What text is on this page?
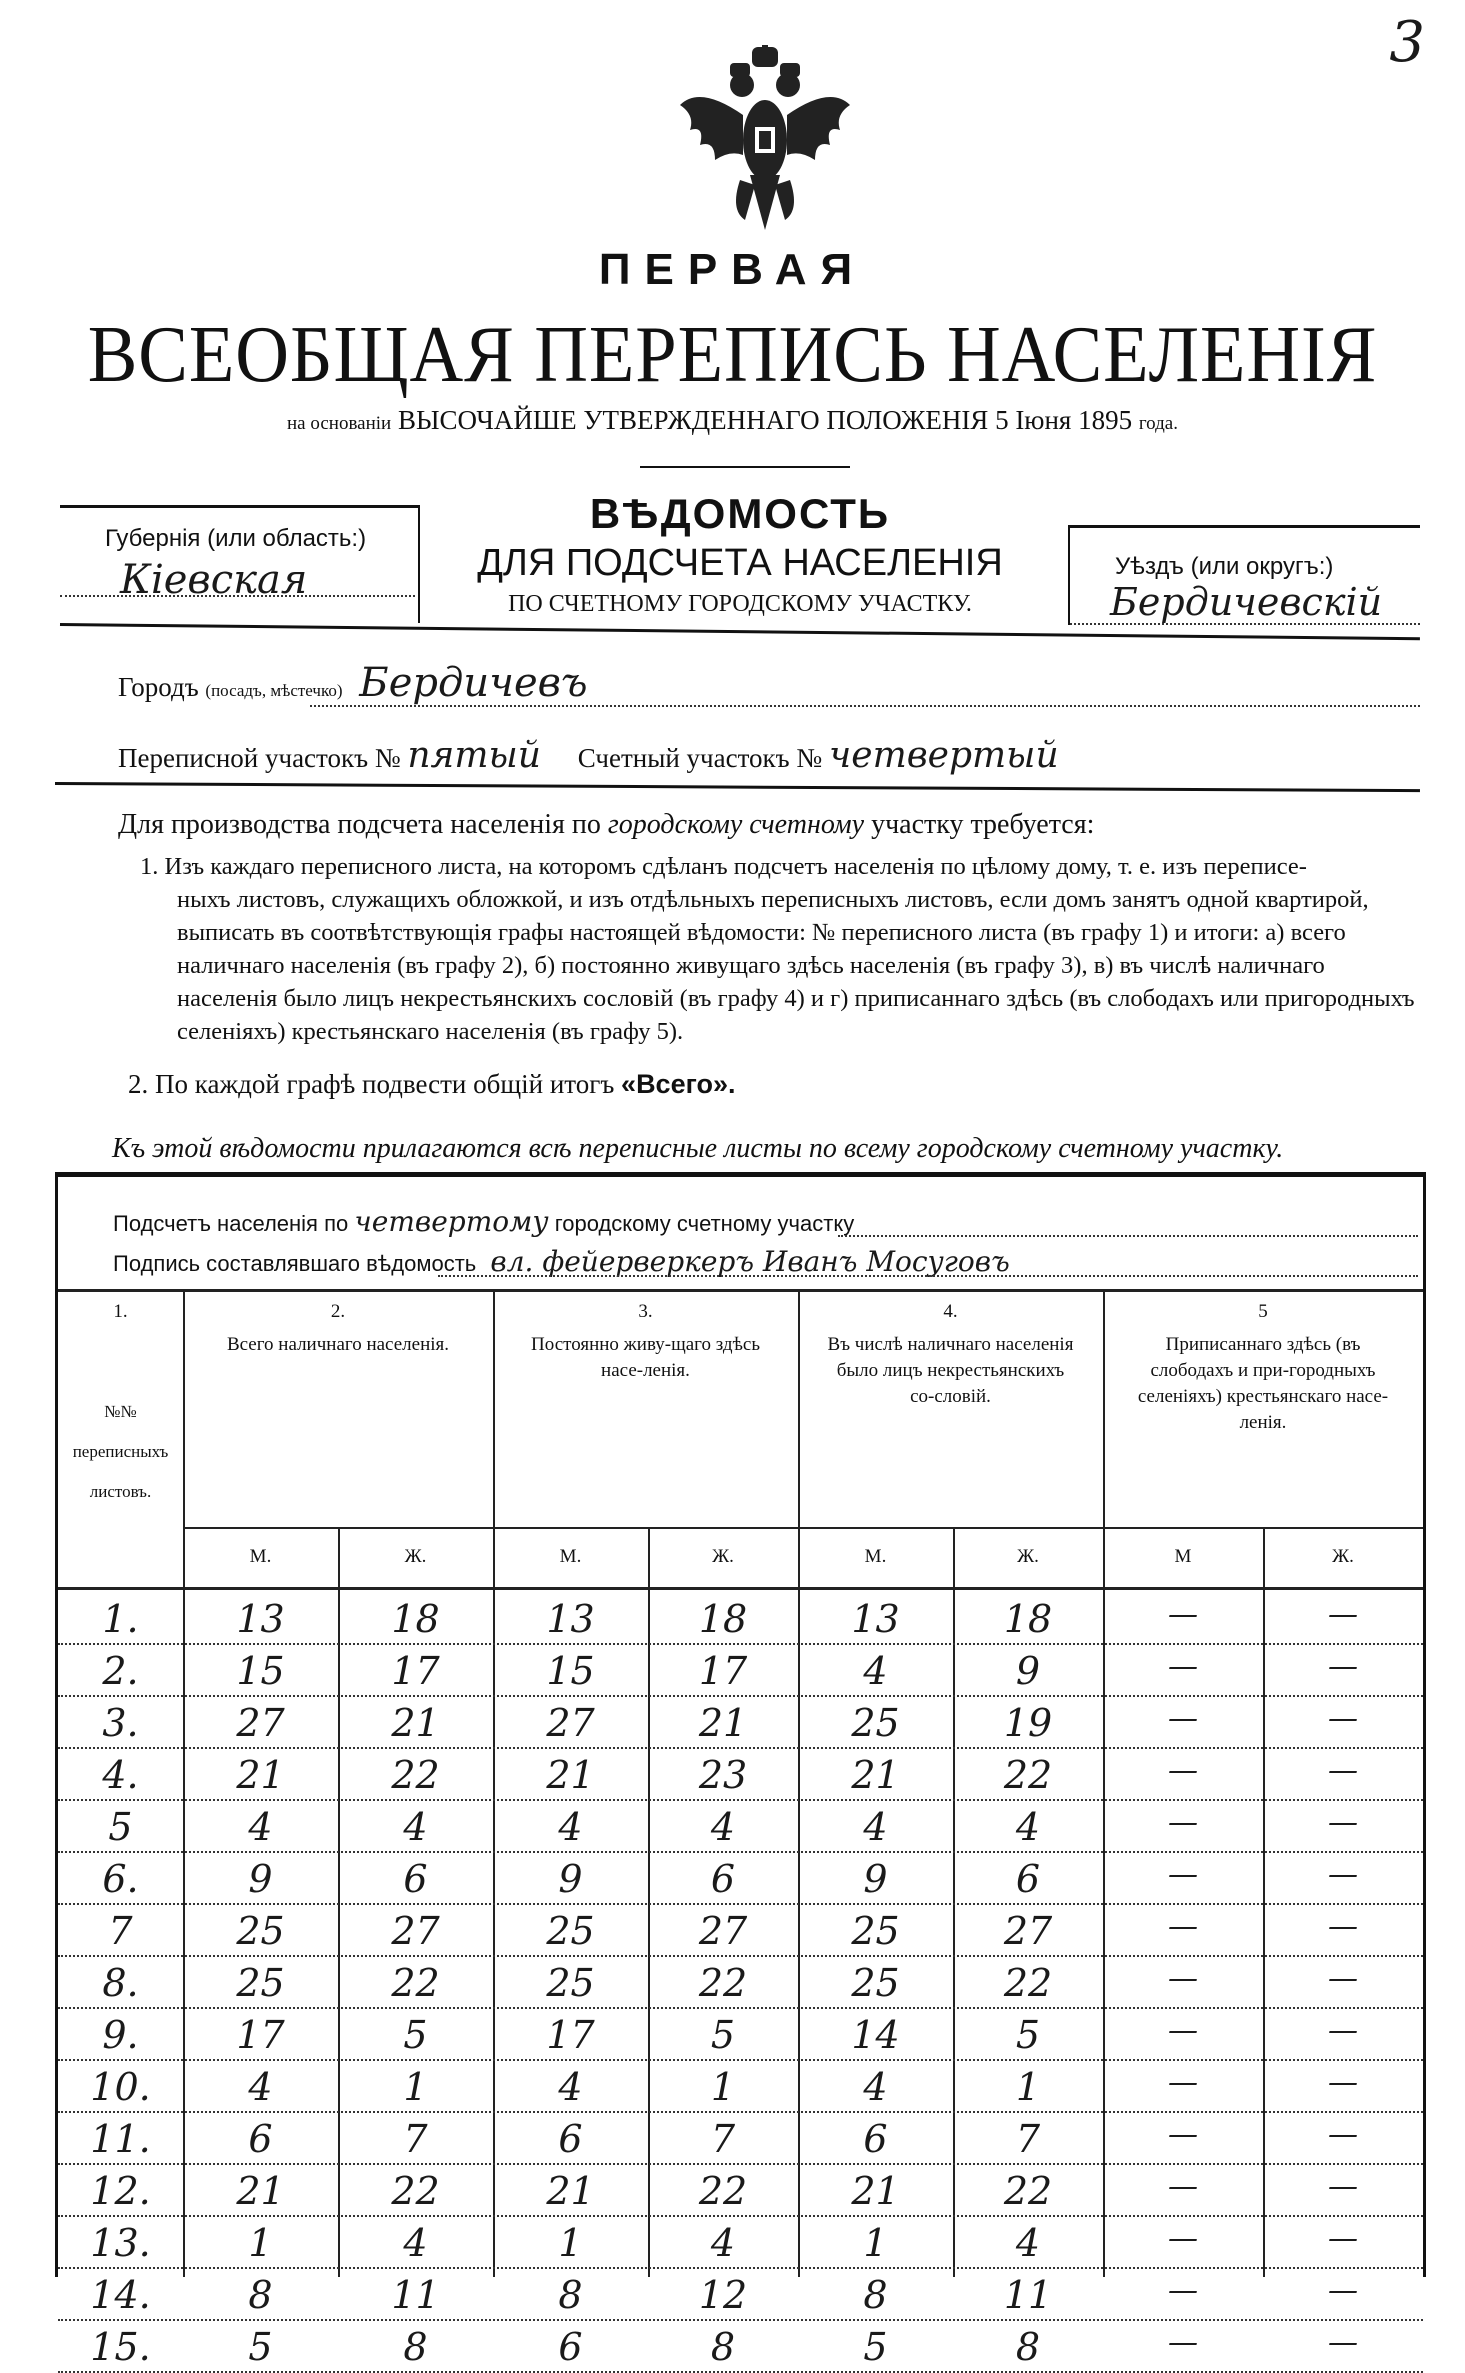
3
ПЕРВАЯ
ВСЕОБЩАЯ ПЕРЕПИСЬ НАСЕЛЕНІЯ
на основанiи ВЫСОЧАЙШЕ УТВЕРЖДЕННАГО ПОЛОЖЕНIЯ 5 Iюня 1895 года.
Губернія (или область:)
Кіевская
ВѢДОМОСТЬ
ДЛЯ ПОДСЧЕТА НАСЕЛЕНІЯ
ПО СЧЕТНОМУ ГОРОДСКОМУ УЧАСТКУ.
Уѣздъ (или округъ:)
Бердичевскій
Городъ (посадъ, мѣстечко) Бердичевъ
Переписной участокъ № пятый Счетный участокъ № четвертый
Для производства подсчета населенія по городскому счетному участку требуется:
1. Изъ каждаго переписного листа, на которомъ сдѣланъ подсчетъ населенія по цѣлому дому, т. е. изъ переписе-
ныхъ листовъ, служащихъ обложкой, и изъ отдѣльныхъ переписныхъ листовъ, если домъ занятъ одной квартирой,
выписать въ соотвѣтствующія графы настоящей вѣдомости: № переписного листа (въ графу 1) и итоги: а) всего
наличнаго населенія (въ графу 2), б) постоянно живущаго здѣсь населенія (въ графу 3), в) въ числѣ наличнаго
населенія было лицъ некрестьянскихъ сословій (въ графу 4) и г) приписаннаго здѣсь (въ слободахъ или пригородныхъ
селеніяхъ) крестьянскаго населенія (въ графу 5).
2. По каждой графѣ подвести общій итогъ «Всего».
Къ этой вѣдомости прилагаются всѣ переписные листы по всему городскому счетному участку.
Подсчетъ населенія по четвертому городскому счетному участку
Подпись составлявшаго вѣдомость вл. фейерверкеръ Иванъ Мосуговъ
1.
№№ переписныхъ листовъ.
2.
Всего наличнаго населенія.
3.
Постоянно живу-щаго здѣсь насе-ленія.
4.
Въ числѣ наличнаго населенія было лицъ некрестьянскихъ со-словій.
5
Приписаннаго здѣсь (въ слободахъ и при-городныхъ селеніяхъ) крестьянскаго насе-ленія.
М.	Ж.	М.	Ж.	М.	Ж.	М	Ж.
1.	13	18	13	18	13	18	—	—
2.	15	17	15	17	4	9	—	—
3.	27	21	27	21	25	19	—	—
4.	21	22	21	23	21	22	—	—
5	4	4	4	4	4	4	—	—
6.	9	6	9	6	9	6	—	—
7	25	27	25	27	25	27	—	—
8.	25	22	25	22	25	22	—	—
9.	17	5	17	5	14	5	—	—
10.	4	1	4	1	4	1	—	—
11.	6	7	6	7	6	7	—	—
12.	21	22	21	22	21	22	—	—
13.	1	4	1	4	1	4	—	—
14.	8	11	8	12	8	11	—	—
15.	5	8	6	8	5	8	—	—
